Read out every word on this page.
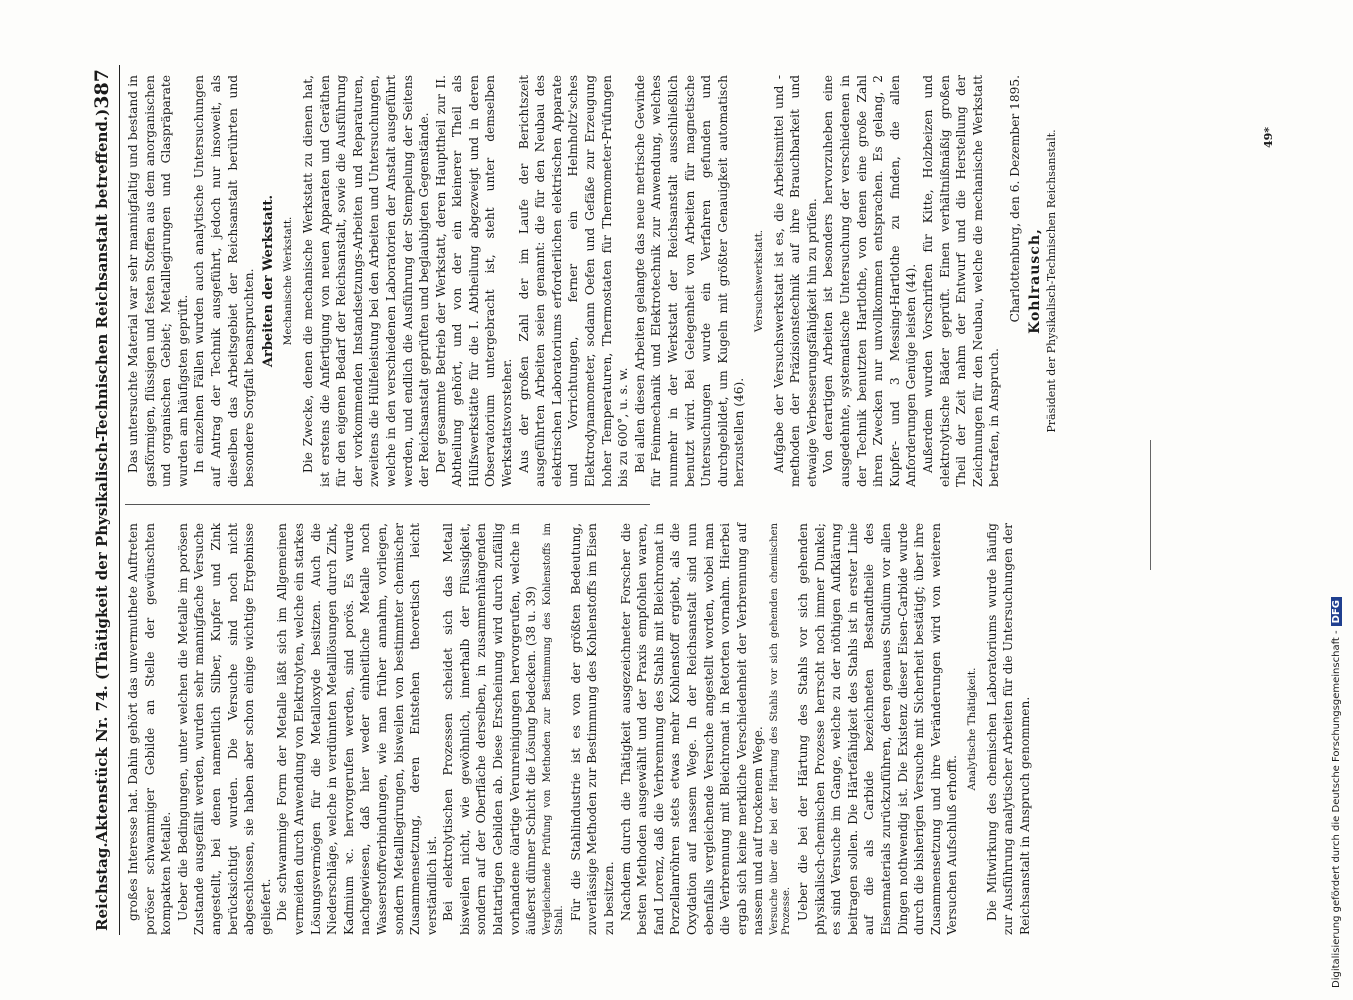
Reichstag.
Aktenstück Nr. 74. (Thätigkeit der Physikalisch-Technischen Reichsanstalt betreffend.)
387

großes Interesse hat. Dahin gehört das unvermuthete Auftreten poröser schwammiger Gebilde an Stelle der gewünschten kompakten Metalle. Ueber die Bedingungen, unter welchen die Metalle im porösen Zustande ausgefällt werden, wurden sehr mannigfache Versuche angestellt, bei denen namentlich Silber, Kupfer und Zink berücksichtigt wurden. Die Versuche sind noch nicht abgeschlossen, sie haben aber schon einige wichtige Ergebnisse geliefert. Die schwammige Form der Metalle läßt sich im Allgemeinen vermeiden durch Anwendung von Elektrolyten, welche ein starkes Lösungsvermögen für die Metalloxyde besitzen. Auch die Niederschläge, welche in verdünnten Metalllösungen durch Zink, Kadmium ꝛc. hervorgerufen werden, sind porös. Es wurde nachgewiesen, daß hier weder einheitliche Metalle noch Wasserstoffverbindungen, wie man früher annahm, vorliegen, sondern Metalllegirungen, bisweilen von bestimmter chemischer Zusammensetzung, deren Entstehen theoretisch leicht verständlich ist. Bei elektrolytischen Prozessen scheidet sich das Metall bisweilen nicht, wie gewöhnlich, innerhalb der Flüssigkeit, sondern auf der Oberfläche derselben, in zusammenhängenden blattartigen Gebilden ab. Diese Erscheinung wird durch zufällig vorhandene ölartige Verunreinigungen hervorgerufen, welche in äußerst dünner Schicht die Lösung bedecken. (38 u. 39) Vergleichende Prüfung von Methoden zur Bestimmung des Kohlenstoffs im Stahl. Für die Stahlindustrie ist es von der größten Bedeutung, zuverlässige Methoden zur Bestimmung des Kohlenstoffs im Eisen zu besitzen. Nachdem durch die Thätigkeit ausgezeichneter Forscher die besten Methoden ausgewählt und der Praxis empfohlen waren, fand Lorenz, daß die Verbrennung des Stahls mit Bleichromat in Porzellanröhren stets etwas mehr Kohlenstoff ergiebt, als die Oxydation auf nassem Wege. In der Reichsanstalt sind nun ebenfalls vergleichende Versuche angestellt worden, wobei man die Verbrennung mit Bleichromat in Retorten vornahm. Hierbei ergab sich keine merkliche Verschiedenheit der Verbrennung auf nassem und auf trockenem Wege. Versuche über die bei der Härtung des Stahls vor sich gehenden chemischen Prozesse. Ueber die bei der Härtung des Stahls vor sich gehenden physikalisch-chemischen Prozesse herrscht noch immer Dunkel; es sind Versuche im Gange, welche zu der nöthigen Aufklärung beitragen sollen. Die Härtefähigkeit des Stahls ist in erster Linie auf die als Carbide bezeichneten Bestandtheile des Eisenmaterials zurückzuführen, deren genaues Studium vor allen Dingen nothwendig ist. Die Existenz dieser Eisen-Carbide wurde durch die bisherigen Versuche mit Sicherheit bestätigt; über ihre Zusammensetzung und ihre Veränderungen wird von weiteren Versuchen Aufschluß erhofft.

Analytische Thätigkeit. Die Mitwirkung des chemischen Laboratoriums wurde häufig zur Ausführung analytischer Arbeiten für die Untersuchungen der Reichsanstalt in Anspruch genommen.

Das untersuchte Material war sehr mannigfaltig und bestand in gasförmigen, flüssigen und festen Stoffen aus dem anorganischen und organischen Gebiet; Metalllegirungen und Glaspräparate wurden am häufigsten geprüft. In einzelnen Fällen wurden auch analytische Untersuchungen auf Antrag der Technik ausgeführt, jedoch nur insoweit, als dieselben das Arbeitsgebiet der Reichsanstalt berührten und besondere Sorgfalt beanspruchten. Arbeiten der Werkstatt. Mechanische Werkstatt. Die Zwecke, denen die mechanische Werkstatt zu dienen hat, ist erstens die Anfertigung von neuen Apparaten und Geräthen für den eigenen Bedarf der Reichsanstalt, sowie die Ausführung der vorkommenden Instandsetzungs-Arbeiten und Reparaturen, zweitens die Hülfeleistung bei den Arbeiten und Untersuchungen, welche in den verschiedenen Laboratorien der Anstalt ausgeführt werden, und endlich die Ausführung der Stempelung der Seitens der Reichsanstalt geprüften und beglaubigten Gegenstände. Der gesammte Betrieb der Werkstatt, deren Haupttheil zur II. Abtheilung gehört, und von der ein kleinerer Theil als Hülfswerkstätte für die I. Abtheilung abgezweigt und in deren Observatorium untergebracht ist, steht unter demselben Werkstattsvorsteher. Aus der großen Zahl der im Laufe der Berichtszeit ausgeführten Arbeiten seien genannt: die für den Neubau des elektrischen Laboratoriums erforderlichen elektrischen Apparate und Vorrichtungen, ferner ein Helmholtz'sches Elektrodynamometer, sodann Oefen und Gefäße zur Erzeugung hoher Temperaturen, Thermostaten für Thermometer-Prüfungen bis zu 600°, u. s. w. Bei allen diesen Arbeiten gelangte das neue metrische Gewinde für Feinmechanik und Elektrotechnik zur Anwendung, welches nunmehr in der Werkstatt der Reichsanstalt ausschließlich benutzt wird. Bei Gelegenheit von Arbeiten für magnetische Untersuchungen wurde ein Verfahren gefunden und durchgebildet, um Kugeln mit größter Genauigkeit automatisch herzustellen (46).

Versuchswerkstatt. Aufgabe der Versuchswerkstatt ist es, die Arbeitsmittel und -methoden der Präzisionstechnik auf ihre Brauchbarkeit und etwaige Verbesserungsfähigkeit hin zu prüfen. Von derartigen Arbeiten ist besonders hervorzuheben eine ausgedehnte, systematische Untersuchung der verschiedenen in der Technik benutzten Hartlothe, von denen eine große Zahl ihren Zwecken nur unvollkommen entsprachen. Es gelang, 2 Kupfer- und 3 Messing-Hartlothe zu finden, die allen Anforderungen Genüge leisten (44). Außerdem wurden Vorschriften für Kitte, Holzbeizen und elektrolytische Bäder geprüft. Einen verhältnißmäßig großen Theil der Zeit nahm der Entwurf und die Herstellung der Zeichnungen für den Neubau, welche die mechanische Werkstatt betrafen, in Anspruch.

Charlottenburg, den 6. Dezember 1895. Kohlrausch, Präsident der Physikalisch-Technischen Reichsanstalt.	49*
Digitalisierung gefördert durch die Deutsche Forschungsgemeinschaft -
DFG
